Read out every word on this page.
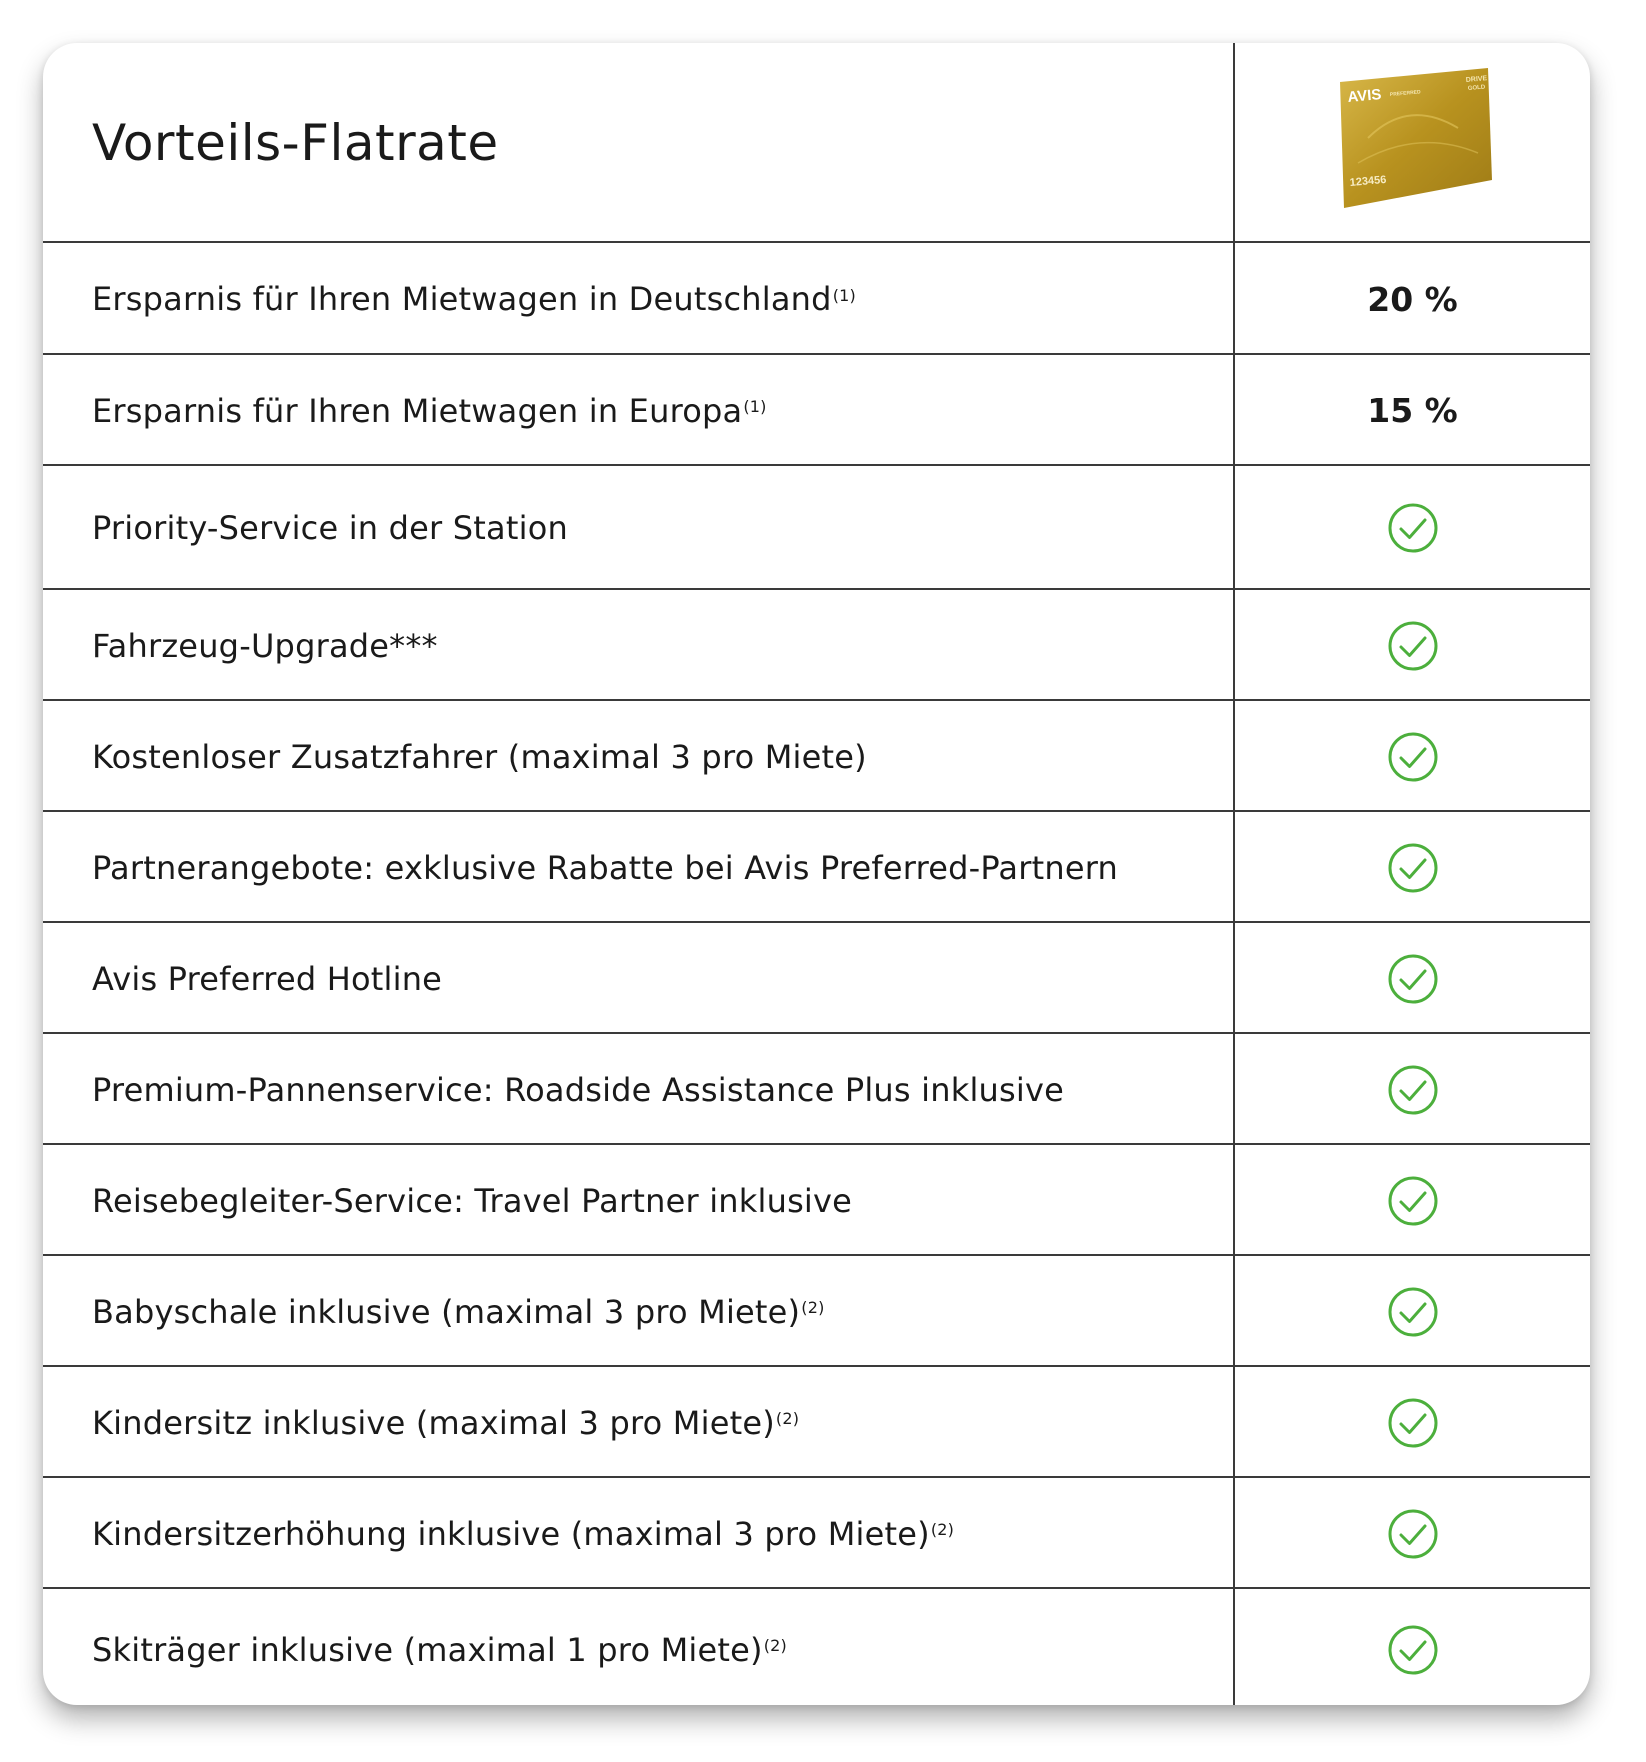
Vorteils-Flatrate
AVIS PREFERRED
DRIVE
GOLD
123456
Ersparnis für Ihren Mietwagen in Deutschland$^{(1)}$	20 %
Ersparnis für Ihren Mietwagen in Europa$^{(1)}$	15 %
Priority-Service in der Station
Fahrzeug-Upgrade***
Kostenloser Zusatzfahrer (maximal 3 pro Miete)
Partnerangebote: exklusive Rabatte bei Avis Preferred-Partnern
Avis Preferred Hotline
Premium-Pannenservice: Roadside Assistance Plus inklusive
Reisebegleiter-Service: Travel Partner inklusive
Babyschale inklusive (maximal 3 pro Miete)$^{(2)}$
Kindersitz inklusive (maximal 3 pro Miete)$^{(2)}$
Kindersitzerhöhung inklusive (maximal 3 pro Miete)$^{(2)}$
Skiträger inklusive (maximal 1 pro Miete)$^{(2)}$
